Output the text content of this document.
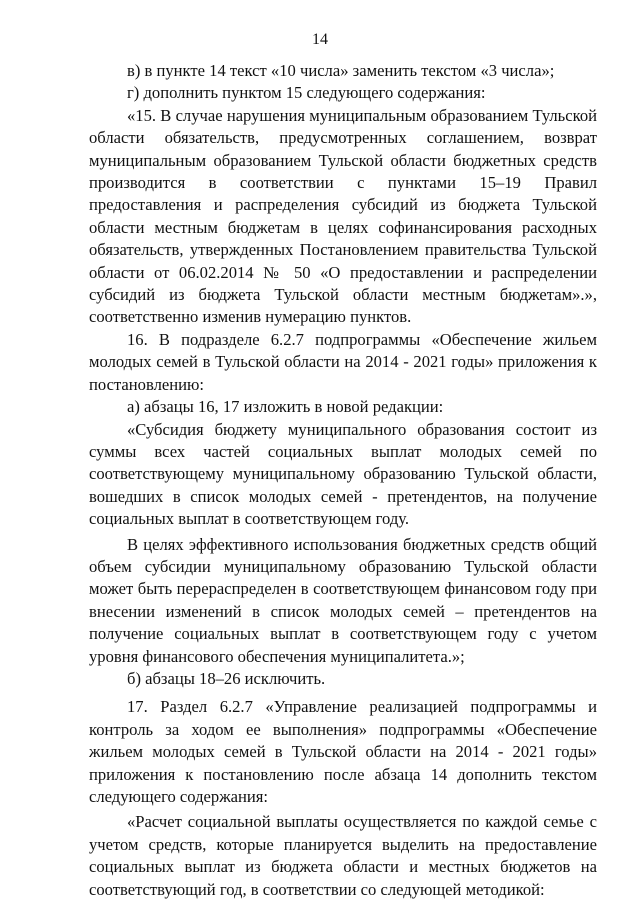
14

в) в пункте 14 текст «10 числа» заменить текстом «3 числа»;

г) дополнить пунктом 15 следующего содержания:

«15. В случае нарушения муниципальным образованием Тульской области обязательств, предусмотренных соглашением, возврат муниципальным образованием Тульской области бюджетных средств производится в соответствии с пунктами 15–19 Правил предоставления и распределения субсидий из бюджета Тульской области местным бюджетам в целях софинансирования расходных обязательств, утвержденных Постановлением правительства Тульской области от 06.02.2014 № 50 «О предоставлении и распределении субсидий из бюджета Тульской области местным бюджетам».», соответственно изменив нумерацию пунктов.

16. В подразделе 6.2.7 подпрограммы «Обеспечение жильем молодых семей в Тульской области на 2014 - 2021 годы» приложения к постановлению:

а) абзацы 16, 17 изложить в новой редакции:

«Субсидия бюджету муниципального образования состоит из суммы всех частей социальных выплат молодых семей по соответствующему муниципальному образованию Тульской области, вошедших в список молодых семей - претендентов, на получение социальных выплат в соответствующем году.

В целях эффективного использования бюджетных средств общий объем субсидии муниципальному образованию Тульской области может быть перераспределен в соответствующем финансовом году при внесении изменений в список молодых семей – претендентов на получение социальных выплат в соответствующем году с учетом уровня финансового обеспечения муниципалитета.»;

б) абзацы 18–26 исключить.

17. Раздел 6.2.7 «Управление реализацией подпрограммы и контроль за ходом ее выполнения» подпрограммы «Обеспечение жильем молодых семей в Тульской области на 2014 - 2021 годы» приложения к постановлению после абзаца 14 дополнить текстом следующего содержания:

«Расчет социальной выплаты осуществляется по каждой семье с учетом средств, которые планируется выделить на предоставление социальных выплат из бюджета области и местных бюджетов на соответствующий год, в соответствии со следующей методикой:
